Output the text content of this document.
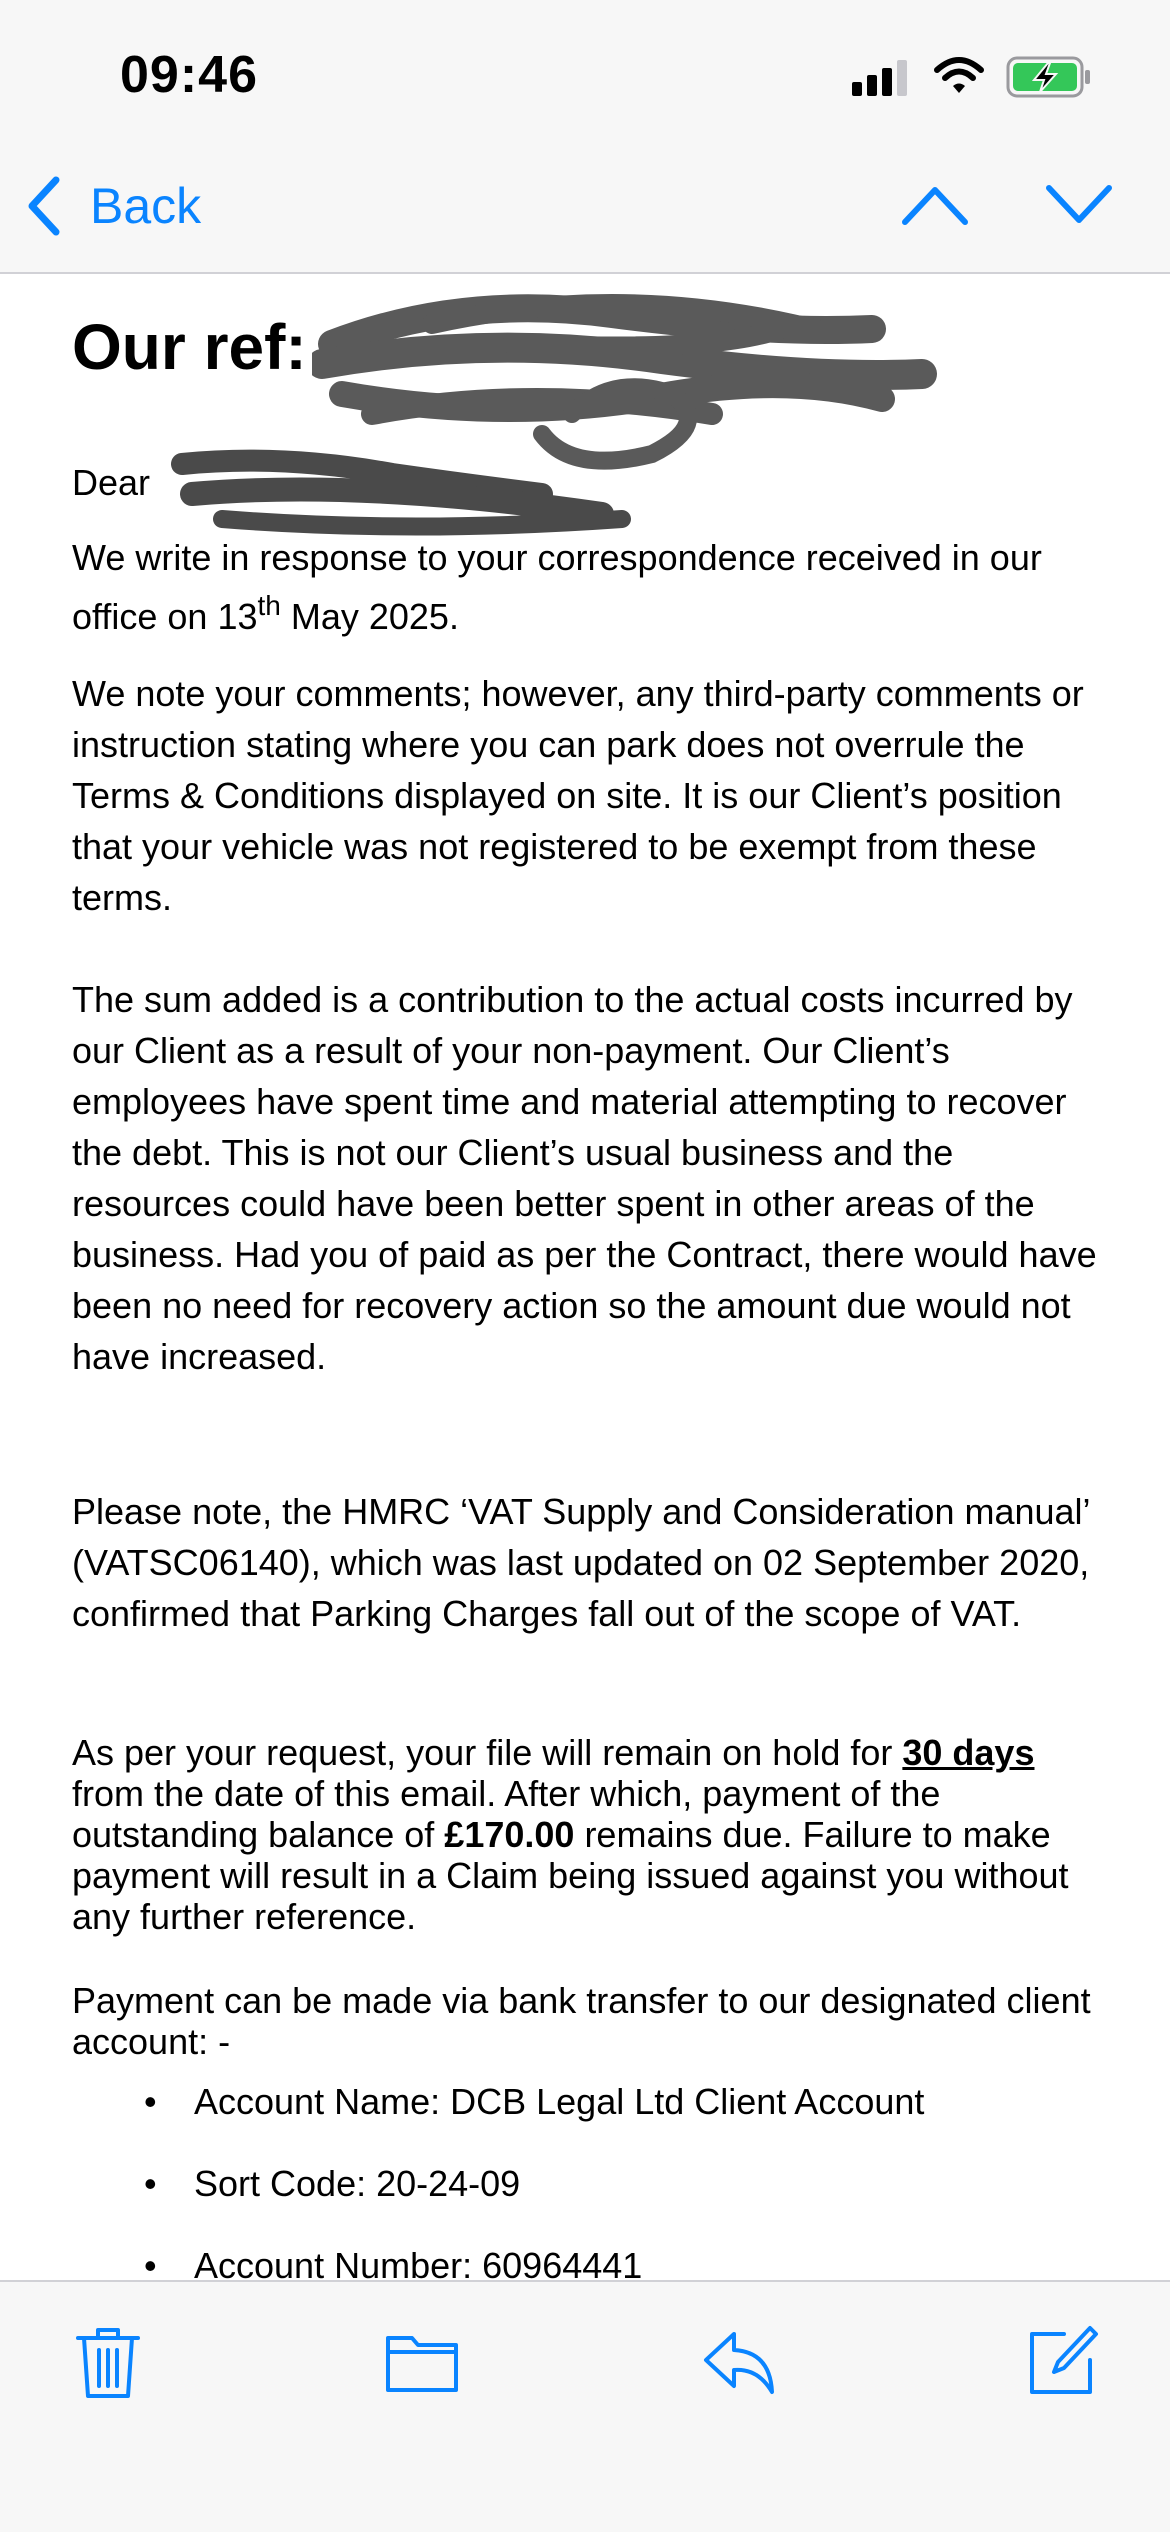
09:46
Back
Our ref:
Dear

We write in response to your correspondence received in our office on 13th May 2025.

We note your comments; however, any third-party comments or instruction stating where you can park does not overrule the Terms & Conditions displayed on site. It is our Client’s position that your vehicle was not registered to be exempt from these terms.

The sum added is a contribution to the actual costs incurred by our Client as a result of your non-payment. Our Client’s employees have spent time and material attempting to recover the debt. This is not our Client’s usual business and the resources could have been better spent in other areas of the business. Had you of paid as per the Contract, there would have been no need for recovery action so the amount due would not have increased.

Please note, the HMRC ‘VAT Supply and Consideration manual’ (VATSC06140), which was last updated on 02 September 2020, confirmed that Parking Charges fall out of the scope of VAT.

As per your request, your file will remain on hold for 30 days from the date of this email. After which, payment of the outstanding balance of £170.00 remains due. Failure to make payment will result in a Claim being issued against you without any further reference.

Payment can be made via bank transfer to our designated client account: -

• Account Name: DCB Legal Ltd Client Account
• Sort Code: 20-24-09
• Account Number: 60964441
